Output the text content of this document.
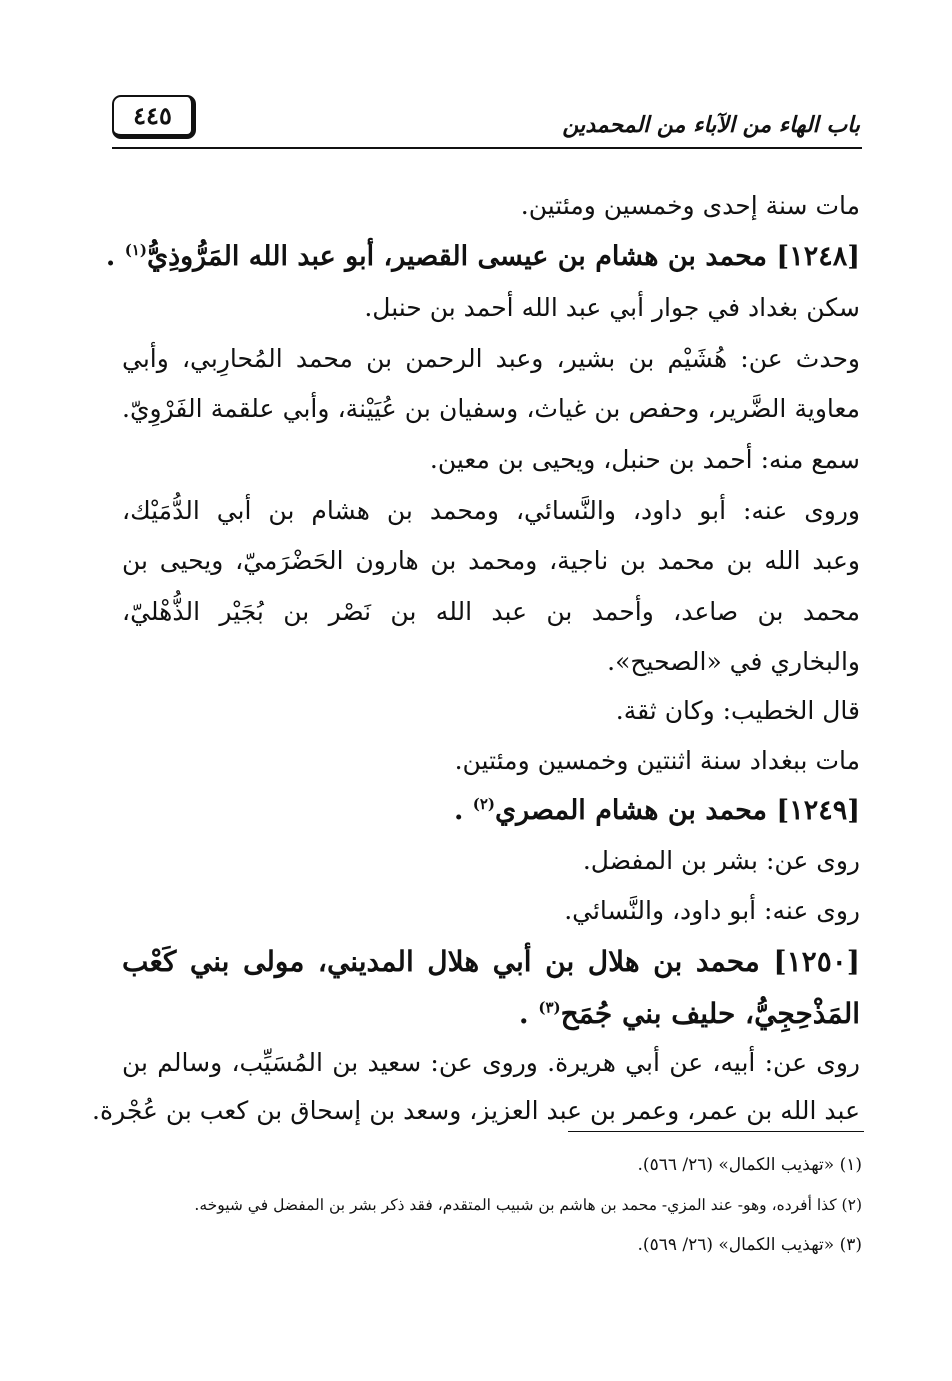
باب الهاء من الآباء من المحمدين
٤٤٥
مات سنة إحدى وخمسين ومئتين.
[١٢٤٨] محمد بن هشام بن عيسى القصير، أبو عبد الله المَرُّوذِيُّ$^{(١)}$ .
سكن بغداد في جوار أبي عبد الله أحمد بن حنبل.
وحدث عن: هُشَيْم بن بشير، وعبد الرحمن بن محمد المُحارِبي، وأبي
معاوية الضَّرير، وحفص بن غياث، وسفيان بن عُيَيْنة، وأبي علقمة الفَرْوِيّ.
سمع منه: أحمد بن حنبل، ويحيى بن معين.
وروى عنه: أبو داود، والنَّسائي، ومحمد بن هشام بن أبي الدُّمَيْك،
وعبد الله بن محمد بن ناجية، ومحمد بن هارون الحَضْرَميّ، ويحيى بن
محمد بن صاعد، وأحمد بن عبد الله بن نَصْر بن بُجَيْر الذُّهْليّ،
والبخاري في «الصحيح».
قال الخطيب: وكان ثقة.
مات ببغداد سنة اثنتين وخمسين ومئتين.
[١٢٤٩] محمد بن هشام المصري$^{(٢)}$ .
روى عن: بشر بن المفضل.
روى عنه: أبو داود، والنَّسائي.
[١٢٥٠] محمد بن هلال بن أبي هلال المديني، مولى بني كَعْب
المَذْحِجِيُّ، حليف بني جُمَح$^{(٣)}$ .
روى عن: أبيه، عن أبي هريرة. وروى عن: سعيد بن المُسَيِّب، وسالم بن
عبد الله بن عمر، وعمر بن عبد العزيز، وسعد بن إسحاق بن كعب بن عُجْرة.
(١) «تهذيب الكمال» (٢٦/ ٥٦٦).
(٢) كذا أفرده، وهو- عند المزي- محمد بن هاشم بن شبيب المتقدم، فقد ذكر بشر بن المفضل في شيوخه.
(٣) «تهذيب الكمال» (٢٦/ ٥٦٩).
